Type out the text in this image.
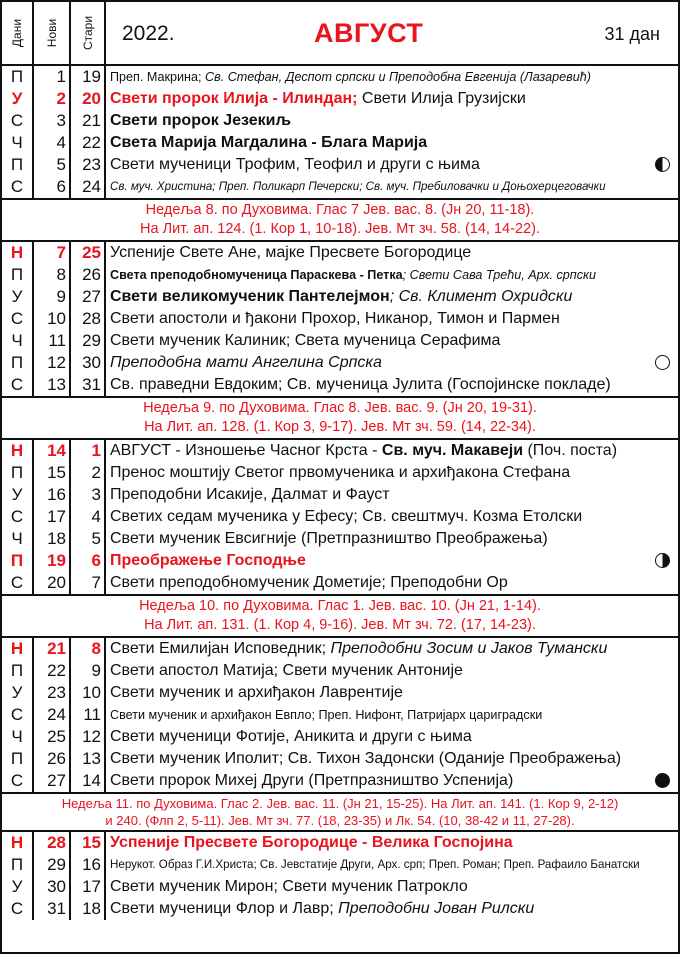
Дани Нови Стари 2022.	АВГУСТ	31 дан
П	1 19 Преп. Макрина; Св. Стефан, Деспот српски и Преподобна Евгенија (Лазаревић)
У	2 20 Свети пророк Илија - Илиндан; Свети Илија Грузијски
С	3 21 Свети пророк Језекиљ
Ч	4 22 Света Марија Магдалина - Блага Марија
П	5 23 Свети мученици Трофим, Теофил и други с њима
С	6 24 Св. муч. Христина; Преп. Поликарп Печерски; Св. муч. Пребиловачки и Доњохерцеговачки
Недеља 8. по Духовима. Глас 7 Јев. вас. 8. (Јн 20, 11-18).
На Лит. ап. 124. (1. Кор 1, 10-18). Јев. Мт зч. 58. (14, 14-22).
Н	7 25 Успеније Свете Ане, мајке Пресвете Богородице
П	8 26 Света преподобномученица Параскева - Петка; Свети Сава Трећи, Арх. српски
У	9 27 Свети великомученик Пантелејмон; Св. Климент Охридски
С	10 28 Свети апостоли и ђакони Прохор, Никанор, Тимон и Пармен
Ч	11 29 Свети мученик Калиник; Света мученица Серафима
П	12 30 Преподобна мати Ангелина Српска
С	13 31 Св. праведни Евдоким; Св. мученица Јулита (Госпојинске покладе)
Недеља 9. по Духовима. Глас 8. Јев. вас. 9. (Јн 20, 19-31).
На Лит. ап. 128. (1. Кор 3, 9-17). Јев. Мт зч. 59. (14, 22-34).
Н	14	1 АВГУСТ - Изношење Часног Крста - Св. муч. Макавеји (Поч. поста)
П	15	2 Пренос моштију Светог првомученика и архиђакона Стефана
У	16	3 Преподобни Исакије, Далмат и Фауст
С	17	4 Светих седам мученика у Ефесу; Св. свештмуч. Козма Етолски
Ч	18	5 Свети мученик Евсигније (Претпразништво Преображења)
П	19	6 Преображење Господње
С	20	7 Свети преподобномученик Дометије; Преподобни Ор
Недеља 10. по Духовима. Глас 1. Јев. вас. 10. (Јн 21, 1-14).
На Лит. ап. 131. (1. Кор 4, 9-16). Јев. Мт зч. 72. (17, 14-23).
Н	21	8 Свети Емилијан Исповедник; Преподобни Зосим и Јаков Тумански
П	22	9 Свети апостол Матија; Свети мученик Антоније
У	23 10 Свети мученик и архиђакон Лаврентије
С	24	11 Свети мученик и архиђакон Евпло; Преп. Нифонт, Патријарх цариградски
Ч	25 12 Свети мученици Фотије, Аникита и други с њима
П	26 13 Свети мученик Иполит; Св. Тихон Задонски (Оданије Преображења)
С	27 14 Свети пророк Михеј Други (Претпразништво Успенија)
Недеља 11. по Духовима. Глас 2. Јев. вас. 11. (Јн 21, 15-25). На Лит. ап. 141. (1. Кор 9, 2-12)
и 240. (Флп 2, 5-11). Јев. Мт зч. 77. (18, 23-35) и Лк. 54. (10, 38-42 и 11, 27-28).
Н	28 15 Успеније Пресвете Богородице - Велика Госпојина
П	29 16 Нерукот. Образ Г.И.Христа; Св. Јевстатије Други, Арх. срп; Преп. Роман; Преп. Рафаило Банатски
У	30 17 Свети мученик Мирон; Свети мученик Патрокло
С	31 18 Свети мученици Флор и Лавр; Преподобни Јован Рилски
